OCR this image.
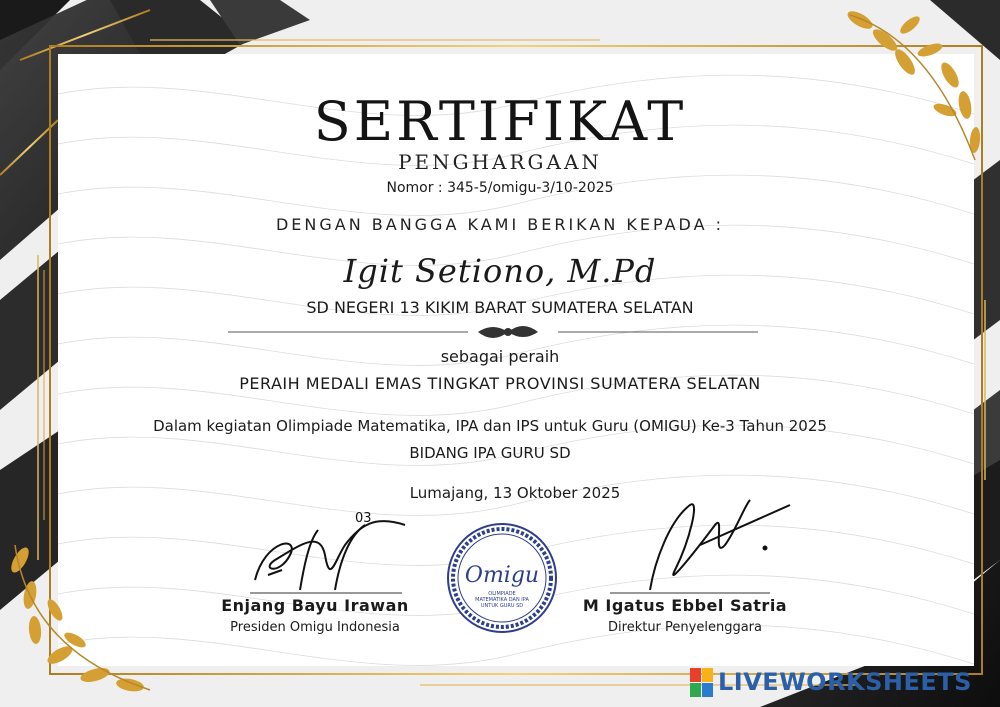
SERTIFIKAT
PENGHARGAAN
Nomor : 345-5/omigu-3/10-2025
DENGAN BANGGA KAMI BERIKAN KEPADA :
Igit Setiono, M.Pd
SD NEGERI 13 KIKIM BARAT SUMATERA SELATAN
sebagai peraih
PERAIH MEDALI EMAS TINGKAT PROVINSI SUMATERA SELATAN
Dalam kegiatan Olimpiade Matematika, IPA dan IPS untuk Guru (OMIGU) Ke-3 Tahun 2025
BIDANG IPA GURU SD
Lumajang, 13 Oktober 2025
03
Enjang Bayu Irawan
Presiden Omigu Indonesia
M Igatus Ebbel Satria
Direktur Penyelenggara
Omigu
OLIMPIADE
MATEMATIKA DAN IPA
UNTUK GURU SD
LIVEWORKSHEETS
